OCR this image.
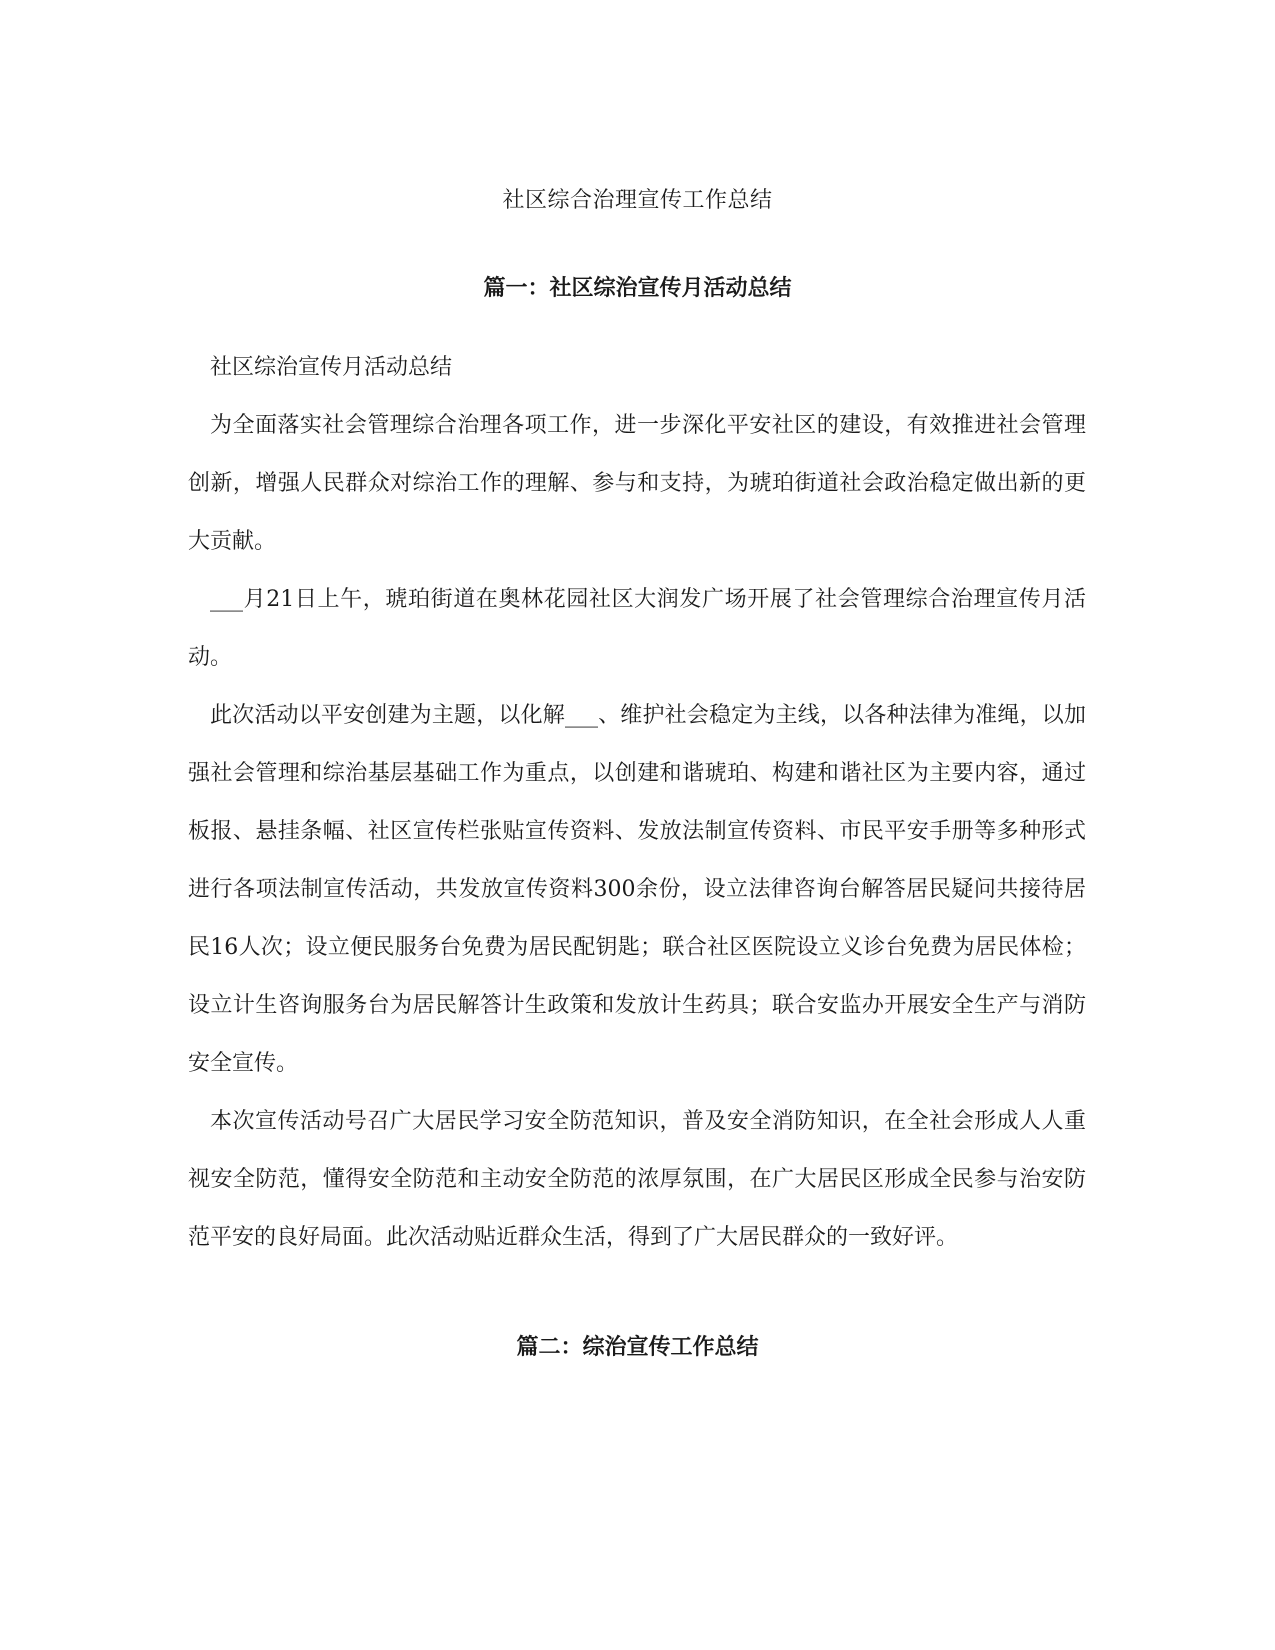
社区综合治理宣传工作总结
篇一：社区综治宣传月活动总结

社区综治宣传月活动总结

为全面落实社会管理综合治理各项工作，进一步深化平安社区的建设，有效推进社会管理创新，增强人民群众对综治工作的理解、参与和支持，为琥珀街道社会政治稳定做出新的更大贡献。

___月21日上午，琥珀街道在奥林花园社区大润发广场开展了社会管理综合治理宣传月活动。

此次活动以平安创建为主题，以化解___、维护社会稳定为主线，以各种法律为准绳，以加强社会管理和综治基层基础工作为重点，以创建和谐琥珀、构建和谐社区为主要内容，通过板报、悬挂条幅、社区宣传栏张贴宣传资料、发放法制宣传资料、市民平安手册等多种形式进行各项法制宣传活动，共发放宣传资料300余份，设立法律咨询台解答居民疑问共接待居民16人次；设立便民服务台免费为居民配钥匙；联合社区医院设立义诊台免费为居民体检；设立计生咨询服务台为居民解答计生政策和发放计生药具；联合安监办开展安全生产与消防安全宣传。

本次宣传活动号召广大居民学习安全防范知识，普及安全消防知识，在全社会形成人人重视安全防范，懂得安全防范和主动安全防范的浓厚氛围，在广大居民区形成全民参与治安防范平安的良好局面。此次活动贴近群众生活，得到了广大居民群众的一致好评。

篇二：综治宣传工作总结
